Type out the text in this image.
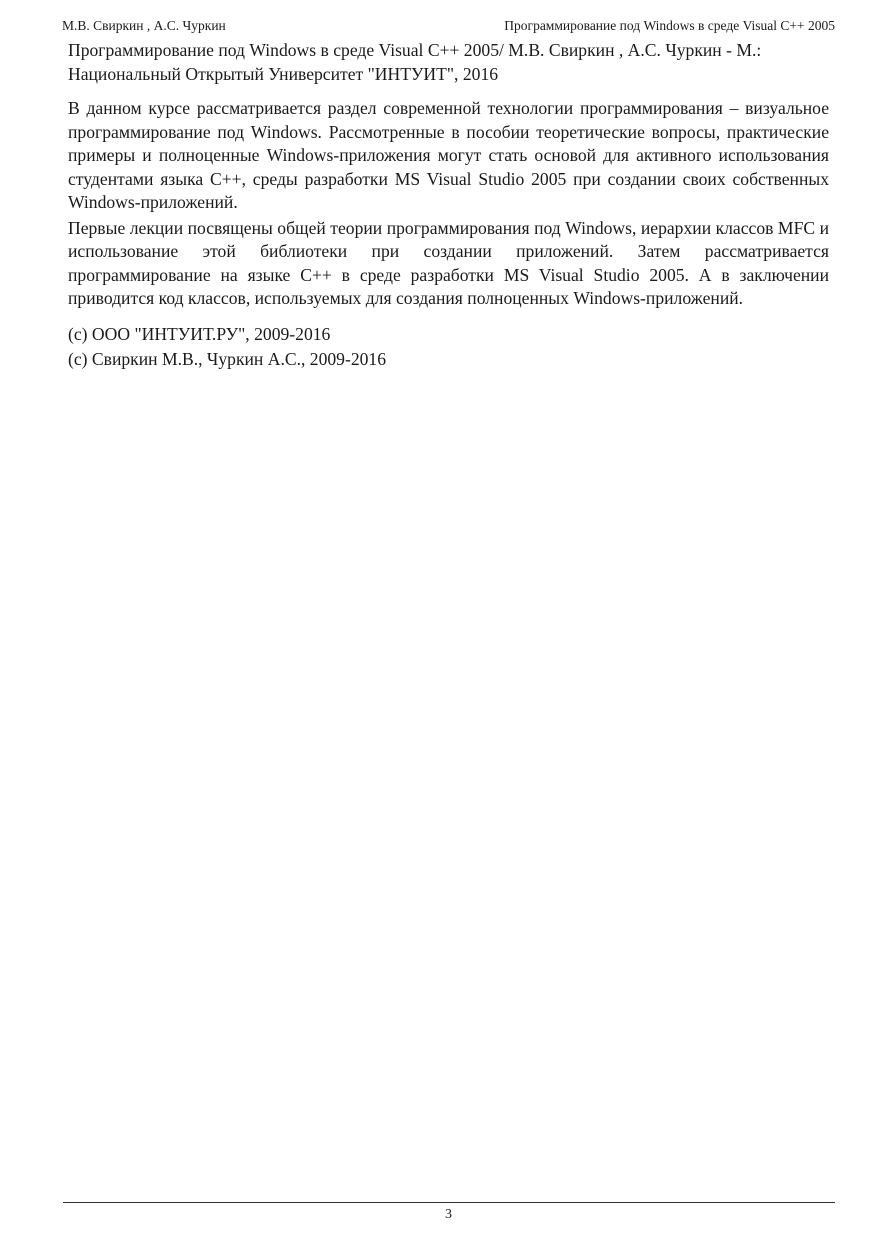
М.В. Свиркин , А.С. Чуркин	Программирование под Windows в среде Visual C++ 2005

Программирование под Windows в среде Visual C++ 2005/ М.В. Свиркин , А.С. Чуркин - М.: Национальный Открытый Университет "ИНТУИТ", 2016

В данном курсе рассматривается раздел современной технологии программирования – визуальное программирование под Windows. Рассмотренные в пособии теоретические вопросы, практические примеры и полноценные Windows-приложения могут стать основой для активного использования студентами языка C++, среды разработки MS Visual Studio 2005 при создании своих собственных Windows-приложений.

Первые лекции посвящены общей теории программирования под Windows, иерархии классов MFC и использование этой библиотеки при создании приложений. Затем рассматривается программирование на языке C++ в среде разработки MS Visual Studio 2005. А в заключении приводится код классов, используемых для создания полноценных Windows-приложений.

(c) ООО "ИНТУИТ.РУ", 2009-2016
(c) Свиркин М.В., Чуркин А.С., 2009-2016
3
